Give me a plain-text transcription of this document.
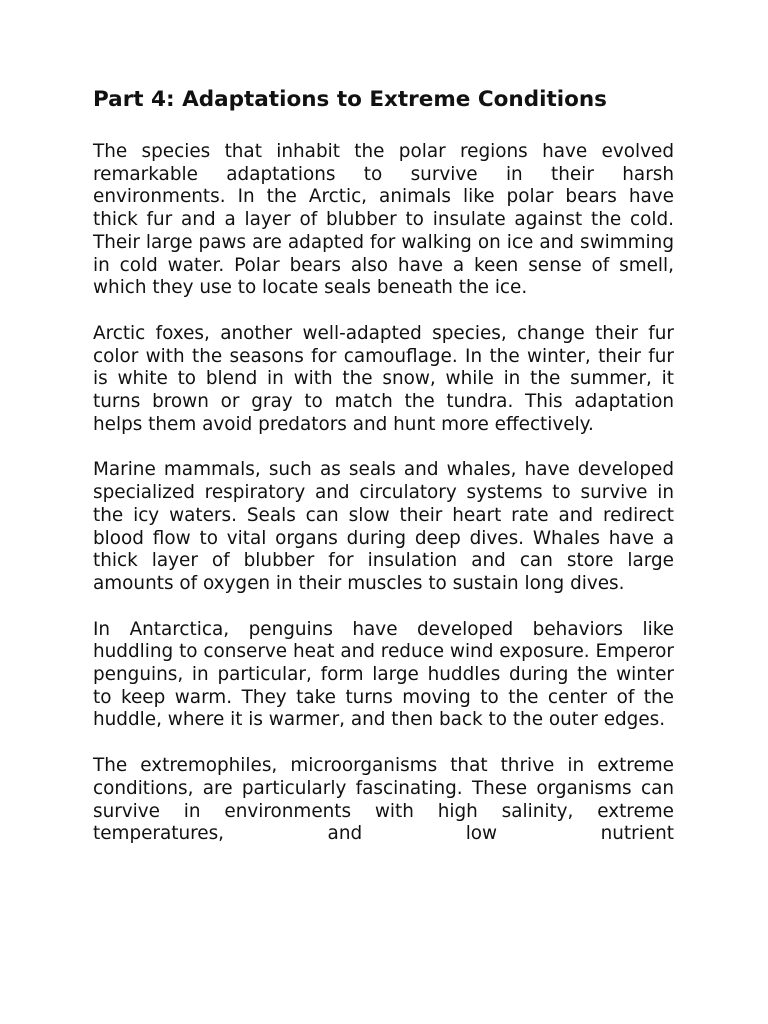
Part 4: Adaptations to Extreme Conditions

The species that inhabit the polar regions have evolved remarkable adaptations to survive in their harsh environments. In the Arctic, animals like polar bears have thick fur and a layer of blubber to insulate against the cold. Their large paws are adapted for walking on ice and swimming in cold water. Polar bears also have a keen sense of smell, which they use to locate seals beneath the ice.

Arctic foxes, another well-adapted species, change their fur color with the seasons for camouflage. In the winter, their fur is white to blend in with the snow, while in the summer, it turns brown or gray to match the tundra. This adaptation helps them avoid predators and hunt more effectively.

Marine mammals, such as seals and whales, have developed specialized respiratory and circulatory systems to survive in the icy waters. Seals can slow their heart rate and redirect blood flow to vital organs during deep dives. Whales have a thick layer of blubber for insulation and can store large amounts of oxygen in their muscles to sustain long dives.

In Antarctica, penguins have developed behaviors like huddling to conserve heat and reduce wind exposure. Emperor penguins, in particular, form large huddles during the winter to keep warm. They take turns moving to the center of the huddle, where it is warmer, and then back to the outer edges.

The extremophiles, microorganisms that thrive in extreme conditions, are particularly fascinating. These organisms can survive in environments with high salinity, extreme temperatures, and low nutrient
